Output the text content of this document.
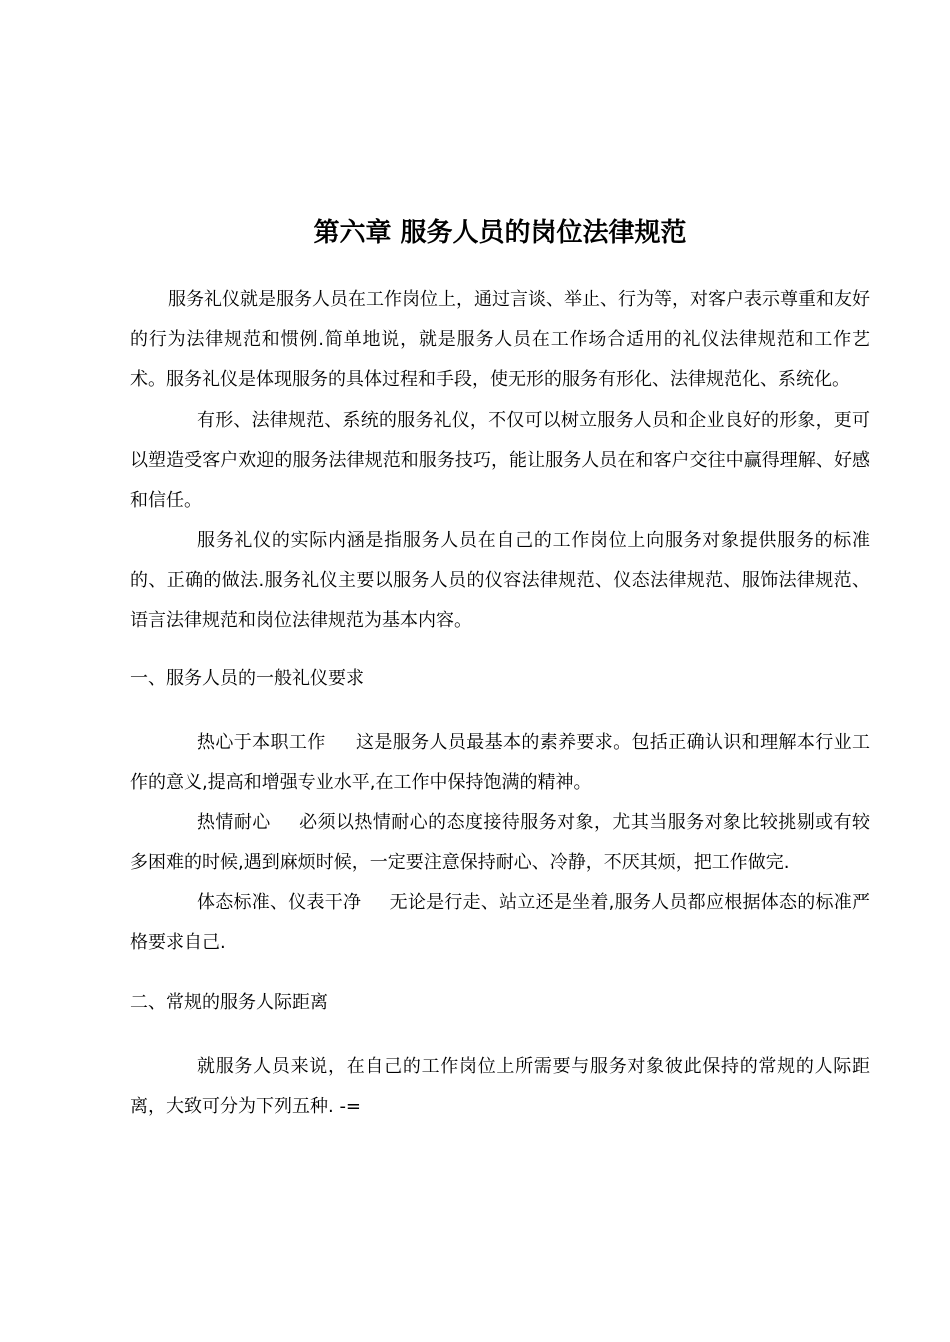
第六章 服务人员的岗位法律规范

服务礼仪就是服务人员在工作岗位上，通过言谈、举止、行为等，对客户表示尊重和友好的行为法律规范和惯例.简单地说，就是服务人员在工作场合适用的礼仪法律规范和工作艺术。服务礼仪是体现服务的具体过程和手段，使无形的服务有形化、法律规范化、系统化。

有形、法律规范、系统的服务礼仪，不仅可以树立服务人员和企业良好的形象，更可以塑造受客户欢迎的服务法律规范和服务技巧，能让服务人员在和客户交往中赢得理解、好感和信任。

服务礼仪的实际内涵是指服务人员在自己的工作岗位上向服务对象提供服务的标准的、正确的做法.服务礼仪主要以服务人员的仪容法律规范、仪态法律规范、服饰法律规范、语言法律规范和岗位法律规范为基本内容。

一、服务人员的一般礼仪要求

热心于本职工作 这是服务人员最基本的素养要求。包括正确认识和理解本行业工作的意义,提高和增强专业水平,在工作中保持饱满的精神。

热情耐心 必须以热情耐心的态度接待服务对象，尤其当服务对象比较挑剔或有较多困难的时候,遇到麻烦时候，一定要注意保持耐心、冷静，不厌其烦，把工作做完.

体态标准、仪表干净 无论是行走、站立还是坐着,服务人员都应根据体态的标准严格要求自己.

二、常规的服务人际距离

就服务人员来说，在自己的工作岗位上所需要与服务对象彼此保持的常规的人际距离，大致可分为下列五种. -=
